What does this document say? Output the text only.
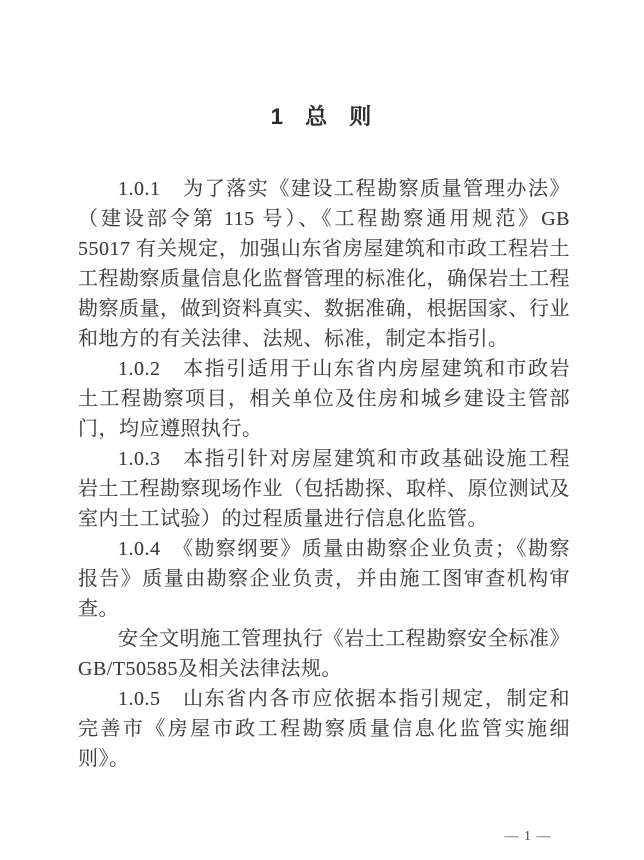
1 总 则

1.0.1　为了落实《建设工程勘察质量管理办法》（建设部令第 115 号）、《工程勘察通用规范》GB 55017 有关规定，加强山东省房屋建筑和市政工程岩土工程勘察质量信息化监督管理的标准化，确保岩土工程勘察质量，做到资料真实、数据准确，根据国家、行业和地方的有关法律、法规、标准，制定本指引。

1.0.2　本指引适用于山东省内房屋建筑和市政岩土工程勘察项目，相关单位及住房和城乡建设主管部门，均应遵照执行。

1.0.3　本指引针对房屋建筑和市政基础设施工程岩土工程勘察现场作业（包括勘探、取样、原位测试及室内土工试验）的过程质量进行信息化监管。

1.0.4　《勘察纲要》质量由勘察企业负责；《勘察报告》质量由勘察企业负责，并由施工图审查机构审查。

安全文明施工管理执行《岩土工程勘察安全标准》GB/T50585及相关法律法规。

1.0.5　山东省内各市应依据本指引规定，制定和完善市《房屋市政工程勘察质量信息化监管实施细则》。

— 1 —
